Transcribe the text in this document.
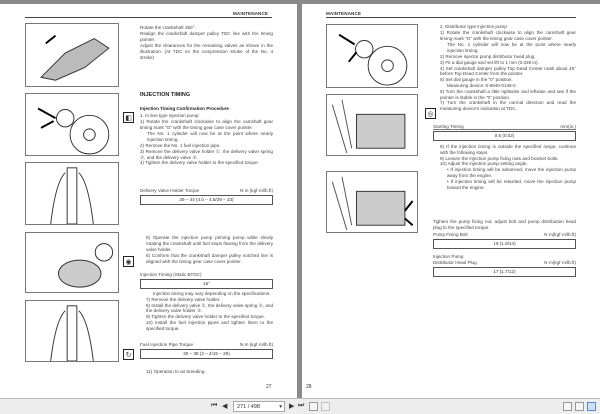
MAINTENANCE
Rotate the crankshaft 360°.
Realign the crankshaft damper pulley TDC line with the timing pointer.
Adjust the clearances for the remaining valves as shown in the illustration. (At TDC on the compression stroke of the No. 4 stroke)
INJECTION TIMING
Injection Timing Confirmation Procedure
◧	1. In-line type injection pump
1) Rotate the crankshaft clockwise to align the camshaft gear timing mark "O" with the timing gear case cover pointer.
The No. 1 cylinder will now be at the point where nearly injection timing.
2) Remove the No. 1 fuel injection pipe.
3) Remove the delivery valve holder ①, the delivery valve spring ②, and the delivery valve ③.
4) Tighten the delivery valve holder to the specified torque.
Delivery Valve Holder Torque	N·m (kgf·m/lb.ft)
39 – 44 (4.0 – 4.5/29 – 33)
5) Operate the injection pump priming pump while slowly rotating the crankshaft until fuel stops flowing from the delivery valve holder.
6) Conform that the crankshaft damper pulley notched line is aligned with the timing gear case cover pointer.
◉
Injection Timing (Static BTDC)
16°
Injection timing may vary depending on the specifications.
7) Remove the delivery valve holder.
8) Install the delivery valve ①, the delivery valve spring ②, and the delivery valve holder ③.
9) Tighten the delivery valve holder to the specified torque.
10) Install the fuel injection pipes and tighten them to the specified torque.
↻
Fuel Injection Pipe Torque	N·m (kgf·m/lb.ft)
20 – 39 (2 – 4/15 – 29)
11) Operation to air breeding.
27
MAINTENANCE
◎
2. Distributor type injection pump
1) Rotate the crankshaft clockwise to align the camshaft gear timing mark "O" with the timing gear case cover pointer.
The No. 1 cylinder will now be at the point where nearly injection timing.
2) Remove injector pump distributor head plug.
3) Fit a dial gauge and set lift to 1 mm (0.039 in).
4) Set crankshaft damper pulley Top Dead Center mark about 45° before Top Dead Center from the pointer.
5) Set dial gauge in the "0" position.
Measuring device: 5-8840-0145-0
6) Turn the crankshaft a little rightwise and leftwise and see if the pointer is stable in the "0" position.
7) Turn the crankshaft in the normal direction and read the measuring device's indication at TDC.
Starting Timing	mm(in.)
0.5 (0.02)
8) If the injection timing is outside the specified range, continue with the following steps.
9) Loosen the injection pump fixing nuts and bracket bolts.
10) Adjust the injection pump setting angle.
• If injection timing will be advanced, move the injection pump away from the engine.
• If injection timing will be retarded, move the injection pump toward the engine.
Tighten the pump fixing nut, adjust bolt and pump distribution head plug to the specified torque.
Pump Fixing Bolt	N·m(kgf·m/lb.ft)
19 (1.9/14)
Injection Pump
Distributor Head Plug	N·m(kgf·m/lb.ft)
17 (1.7/12)
28
⏮ ◀	271 / 498	▾ ▶ ⏭
